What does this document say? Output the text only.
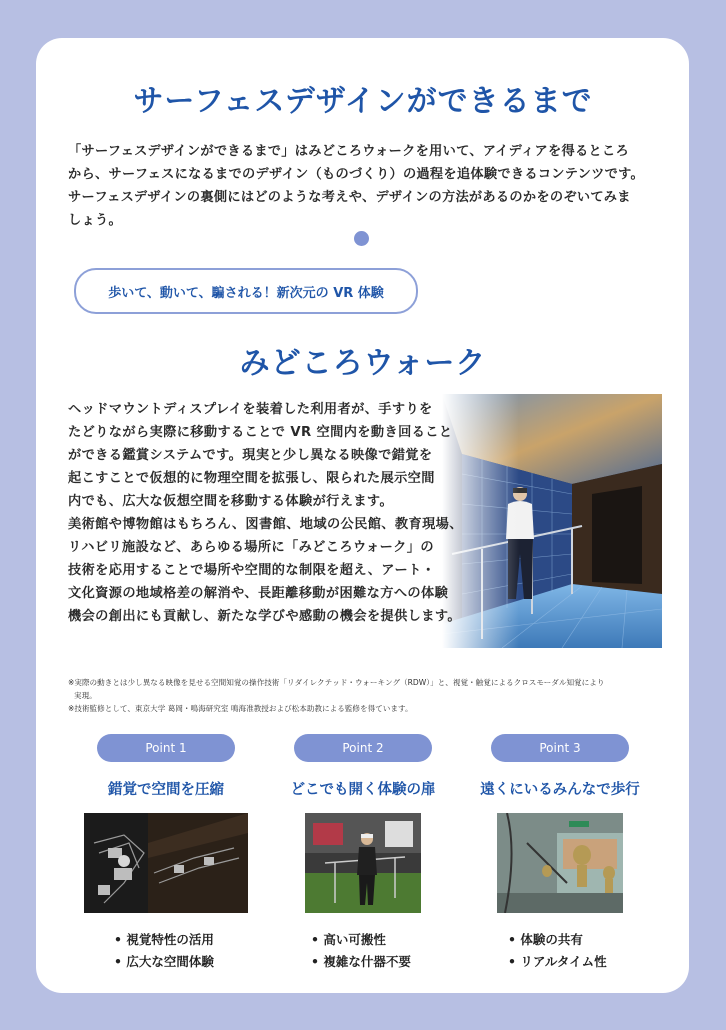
サーフェスデザインができるまで
「サーフェスデザインができるまで」はみどころウォークを用いて、アイディアを得るところ
から、サーフェスになるまでのデザイン（ものづくり）の過程を追体験できるコンテンツです。
サーフェスデザインの裏側にはどのような考えや、デザインの方法があるのかをのぞいてみま
しょう。
歩いて、動いて、騙される！新次元の VR 体験
みどころウォーク

ヘッドマウントディスプレイを装着した利用者が、手すりを

たどりながら実際に移動することで VR 空間内を動き回ること

ができる鑑賞システムです。現実と少し異なる映像で錯覚を

起こすことで仮想的に物理空間を拡張し、限られた展示空間

内でも、広大な仮想空間を移動する体験が行えます。

美術館や博物館はもちろん、図書館、地域の公民館、教育現場、

リハビリ施設など、あらゆる場所に「みどころウォーク」の

技術を応用することで場所や空間的な制限を超え、アート・

文化資源の地域格差の解消や、長距離移動が困難な方への体験

機会の創出にも貢献し、新たな学びや感動の機会を提供します。

※実際の動きとは少し異なる映像を見せる空間知覚の操作技術「リダイレクテッド・ウォーキング（RDW）」と、視覚・触覚によるクロスモーダル知覚により

実現。

※技術監修として、東京大学 葛岡・鳴海研究室 鳴海准教授および松本助教による監修を得ています。

Point 1
錯覚で空間を圧縮
• 視覚特性の活用
• 広大な空間体験
Point 2
どこでも開く体験の扉
• 高い可搬性
• 複雑な什器不要
Point 3
遠くにいるみんなで歩行
• 体験の共有
• リアルタイム性
